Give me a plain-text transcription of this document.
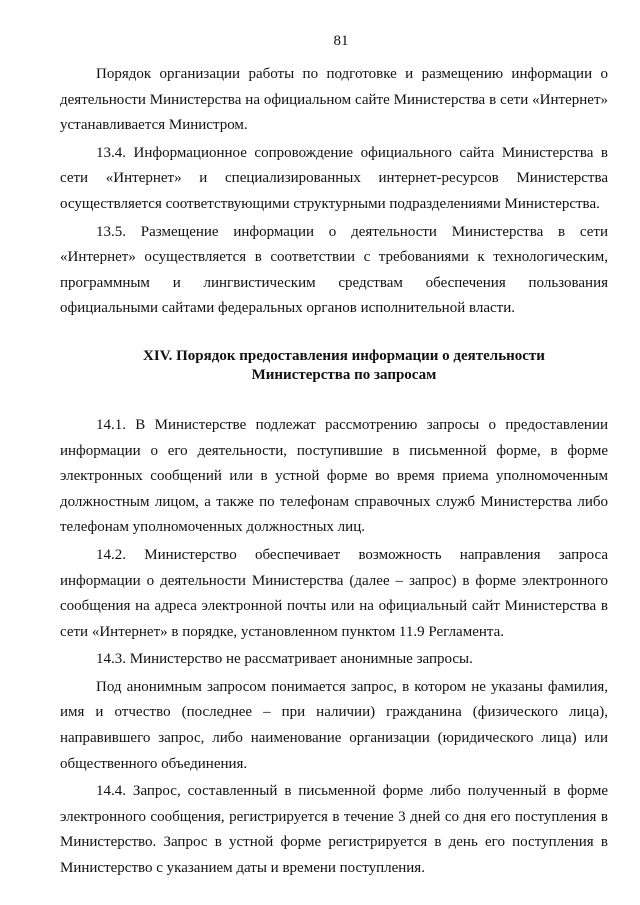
81

Порядок организации работы по подготовке и размещению информации о деятельности Министерства на официальном сайте Министерства в сети «Интернет» устанавливается Министром.

13.4. Информационное сопровождение официального сайта Министерства в сети «Интернет» и специализированных интернет-ресурсов Министерства осуществляется соответствующими структурными подразделениями Министерства.

13.5. Размещение информации о деятельности Министерства в сети «Интернет» осуществляется в соответствии с требованиями к технологическим, программным и лингвистическим средствам обеспечения пользования официальными сайтами федеральных органов исполнительной власти.

XIV. Порядок предоставления информации о деятельности
Министерства по запросам

14.1. В Министерстве подлежат рассмотрению запросы о предоставлении информации о его деятельности, поступившие в письменной форме, в форме электронных сообщений или в устной форме во время приема уполномоченным должностным лицом, а также по телефонам справочных служб Министерства либо телефонам уполномоченных должностных лиц.

14.2. Министерство обеспечивает возможность направления запроса информации о деятельности Министерства (далее – запрос) в форме электронного сообщения на адреса электронной почты или на официальный сайт Министерства в сети «Интернет» в порядке, установленном пунктом 11.9 Регламента.

14.3. Министерство не рассматривает анонимные запросы.

Под анонимным запросом понимается запрос, в котором не указаны фамилия, имя и отчество (последнее – при наличии) гражданина (физического лица), направившего запрос, либо наименование организации (юридического лица) или общественного объединения.

14.4. Запрос, составленный в письменной форме либо полученный в форме электронного сообщения, регистрируется в течение 3 дней со дня его поступления в Министерство. Запрос в устной форме регистрируется в день его поступления в Министерство с указанием даты и времени поступления.
